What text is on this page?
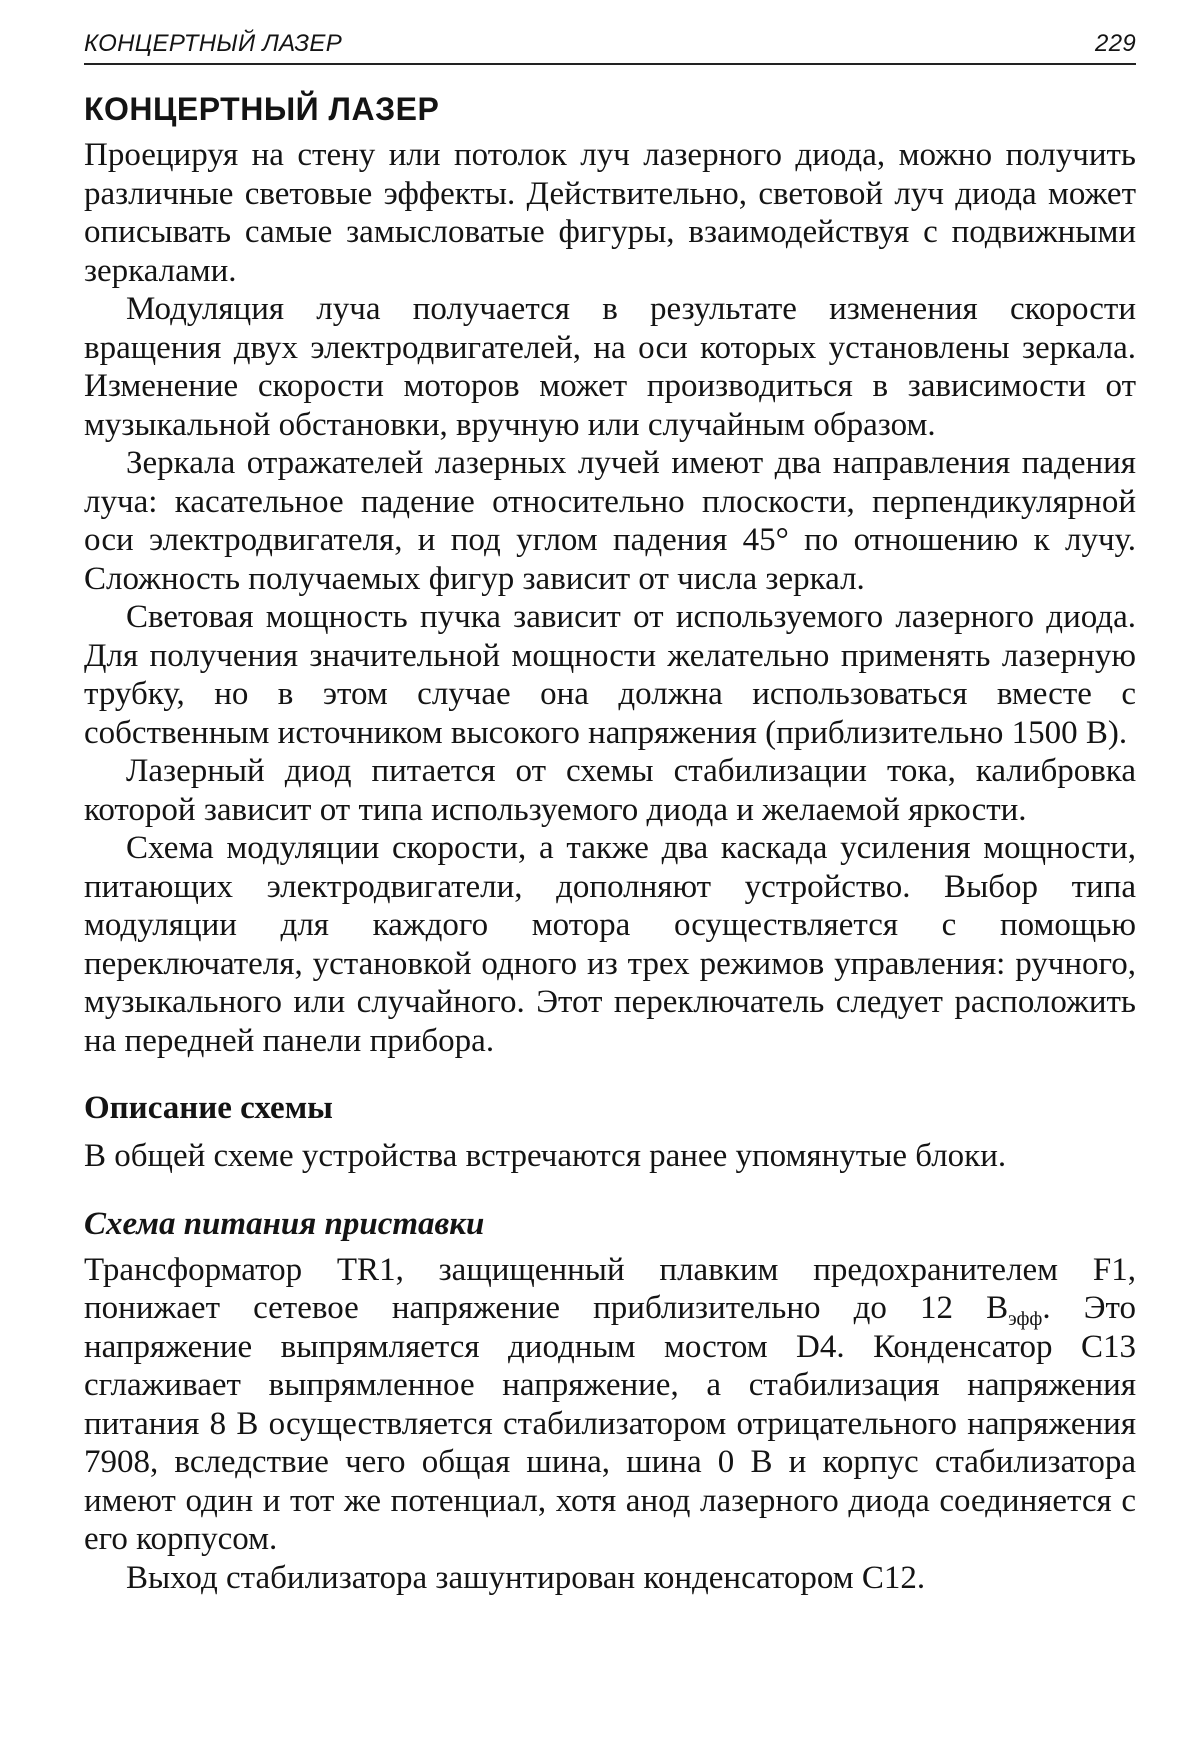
КОНЦЕРТНЫЙ ЛАЗЕР	229
КОНЦЕРТНЫЙ ЛАЗЕР

Проецируя на стену или потолок луч лазерного диода, можно получить различные световые эффекты. Действительно, световой луч диода может описывать самые замысловатые фигуры, взаимодействуя с подвижными зеркалами.

Модуляция луча получается в результате изменения скорости вращения двух электродвигателей, на оси которых установлены зеркала. Изменение скорости моторов может производиться в зависимости от музыкальной обстановки, вручную или случайным образом.

Зеркала отражателей лазерных лучей имеют два направления падения луча: касательное падение относительно плоскости, перпендикулярной оси электродвигателя, и под углом падения 45° по отношению к лучу. Сложность получаемых фигур зависит от числа зеркал.

Световая мощность пучка зависит от используемого лазерного диода. Для получения значительной мощности желательно применять лазерную трубку, но в этом случае она должна использоваться вместе с собственным источником высокого напряжения (приблизительно 1500 В).

Лазерный диод питается от схемы стабилизации тока, калибровка которой зависит от типа используемого диода и желаемой яркости.

Схема модуляции скорости, а также два каскада усиления мощности, питающих электродвигатели, дополняют устройство. Выбор типа модуляции для каждого мотора осуществляется с помощью переключателя, установкой одного из трех режимов управления: ручного, музыкального или случайного. Этот переключатель следует расположить на передней панели прибора.

Описание схемы

В общей схеме устройства встречаются ранее упомянутые блоки.

Схема питания приставки

Трансформатор TR1, защищенный плавким предохранителем F1, понижает сетевое напряжение приблизительно до 12 $В_{эфф}$. Это напряжение выпрямляется диодным мостом D4. Конденсатор С13 сглаживает выпрямленное напряжение, а стабилизация напряжения питания 8 В осуществляется стабилизатором отрицательного напряжения 7908, вследствие чего общая шина, шина 0 В и корпус стабилизатора имеют один и тот же потенциал, хотя анод лазерного диода соединяется с его корпусом.

Выход стабилизатора зашунтирован конденсатором С12.
